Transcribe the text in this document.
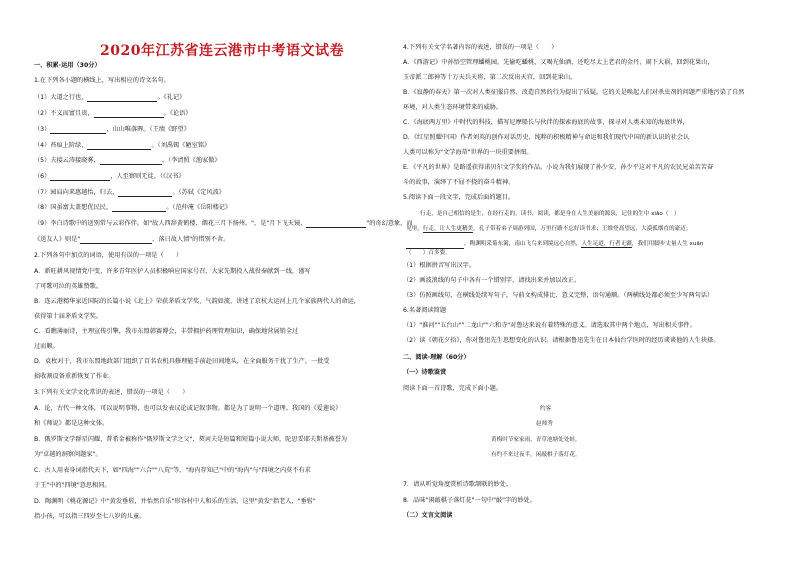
2020年江苏省连云港市中考语文试卷
一、积累·运用（30分）
1.在下列各小题的横线上，写出相应的诗文名句。
（1）大道之行也，	。《礼记》
（2）不义而富且贵，	。《论语》
（3）	，山山唯落晖。（王绩《野望》
（4）苔痕上阶绿，	。（刘禹锡《陋室铭》
（5）夫接云涛接晓雾，	。（李清照《渔家傲》
（6）	，人至察则无徒。（《汉书》
（7）园肩向来惠越怡，归去，	。（苏轼《定风波》
（8）国虽富太盖想优民民，	。（范仲淹《岳阳楼记》
（9）李白诗歌中的送别常与云彩作伴。如"故人西辞黄鹤楼，烟花三月下扬州。"，是"月下飞天镜，	"的奇幻意象，而
《送友人》则是"	，落日故人情"的惜别不舍。
2.下列各句中加点的词语，使用有误的一项是（　　）
A．新旺耕风视情党中变，许多青年医护人员积极响应国家号召，大家先期投入战役奉献到一线，谨写
了可歌可泣的英雄赞歌。
B．连云港精华家近国际的长篇小说《北上》荣获茅盾文学奖，气韵如流，讲述了京杭大运河上几个家族两代人的命运，
获得第十届茅盾文学奖。
C．看瞧薄丽诗，主理宣传引擎，我市东盟韩赛博会，丰带拥护药理管理知识，确保地营展销全过
过而顺。
D．袁枚对于，我市东盟地政部门组织了百名农机具修理能手前赴田间地头，在全面服务干扰了生产，一批受
损收割设备重新恢复了作业。
3.下列有关文学文化常识的表述，错误的一项是（　　）
A．论，古代一种文体，可以说明事物，也可以发表议论或记叙事物。都是为了说明一个道理。我国的《爱莲说》
和《师说》都是这种文体。
B．俄罗斯文学群星闪耀，普希金被称作"俄罗斯文学之父"，契诃夫是短篇和短篇小说大师，陀思妥耶夫斯基被誉为
为"卓越的洞察问题家"。
C．古人用表身词指代天下，如"四海""六合""八荒"等，"海内存知己"中的"海内"与"四境之内莫不有求
于王"中的"四境"意思相同。
D．陶渊明《桃花源记》中"黄发垂髫，并怡然自乐"形容村中人和乐的生活，这里"黄发"指老人，"垂髫"
指小孩，可以指三四岁至七八岁的儿童。
4.下列有关文学名著内容的表述，错误的一项是（　　）
A．《西游记》中孙悟空管理蟠桃园，先偷吃蟠桃，又喝光仙酒，还吃尽太上老君的金丹，闹下大祸，回到花果山，
玉帝派二郎神等十万天兵天将，第二次反出天宫，回到花果山。
B．《寂静的春天》第一次对人类征服自然、改造自然的行为提出了质疑。它的关是唤起人们对杀虫剂的问题严重地污染了自然
环境，对人类生态环境带来的威胁。
C．《海底两万里》中时代的科技，描写尼摩船长与伙伴的探索海底的故事，探寻对人类未知的海底世界，
D．《红星照耀中国》作者刘英的创作对话历史、纯粹的积极精神与命运和我们现代中国的新认识的社会认
人类可以称为"文学海蒂"世界的一块重要拼图。
E．《平凡的世界》是路遥获得诺贝尔文学奖的作品。小说为我们展现了孙少安、孙少平这对平凡的农民兄弟苦苦奋
斗的故事，演绎了不屈不挠的奋斗精神。
5.阅读下面一段文字，完成后面的题目。
（1）根据拼音写出汉字。
（2）画波浪线的句子中各有一个错别字，请找出来并加以改正。
（3）仿照画线句，在横线处续写句子，与前文构成排比，意义完整，语句通顺。（两横线处都必须至少写两句话）
6.名著阅读简题
（1）"淮河""五台山""二龙山""六和寺"对鲁达来说有着特殊的意义。请选取其中两个地点，写出相关事件。
（2）读《朝花夕拾》，你对鲁迅先生思想变化的认识。请根据鲁迅先生在日本仙台学医时的经历谈谈他的人生抉择。
二、阅读·理解（60分）
（一）诗歌鉴赏
阅读下面一首诗歌，完成下面小题。
7．请从听觉角度赏析诗歌颔联的妙处。
8．品味"闲敲棋子落灯花"一句中"敲"字的妙处。
（二）文言文阅读
行走，是自己相信的是生，在经行走的，读书，阅读，都是身在人生美丽的源泉，记住的生中 xiǎo（　）
见里，行走，让人生更精美。孔子带着弟子周游列国，万里行路不忘好读书求；王维登高望远，大漠孤烟直的豪迈；
，陶渊明采菊东篱，南山飞鸟来到境远心自然，人生足道，行者无疆，我们用脚步丈量人生 xuān
（　　）百多姿。
约客
赵师秀
黄梅时节家家雨，青草池塘处处蛙。
有约不来过夜半，闲敲棋子落灯花。
